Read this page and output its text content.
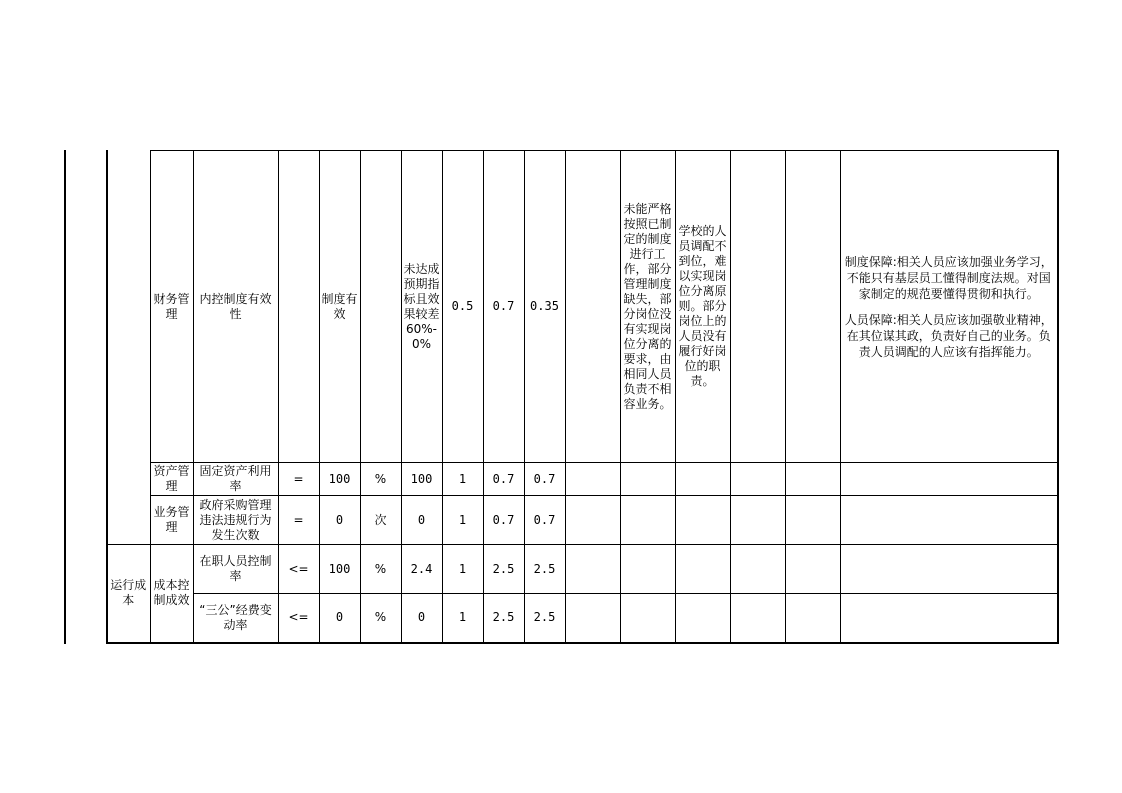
	财务管理	内控制度有效性		制度有效		未达成预期指标且效果较差60%-0%	0.5	0.7	0.35		未能严格按照已制定的制度进行工作，部分管理制度缺失，部分岗位没有实现岗位分离的要求，由相同人员负责不相容业务。	学校的人员调配不到位，难以实现岗位分离原则。部分岗位上的人员没有履行好岗位的职责。			制度保障:相关人员应该加强业务学习，不能只有基层员工懂得制度法规。对国家制定的规范要懂得贯彻和执行。
人员保障:相关人员应该加强敬业精神，在其位谋其政，负责好自己的业务。负责人员调配的人应该有指挥能力。

	资产管理	固定资产利用率	=	100	%	100	1	0.7	0.7						
	业务管理	政府采购管理违法违规行为发生次数	=	0	次	0	1	0.7	0.7						
运行成本	成本控制成效	在职人员控制率	<=	100	%	2.4	1	2.5	2.5						
		“三公”经费变动率	<=	0	%	0	1	2.5	2.5						
